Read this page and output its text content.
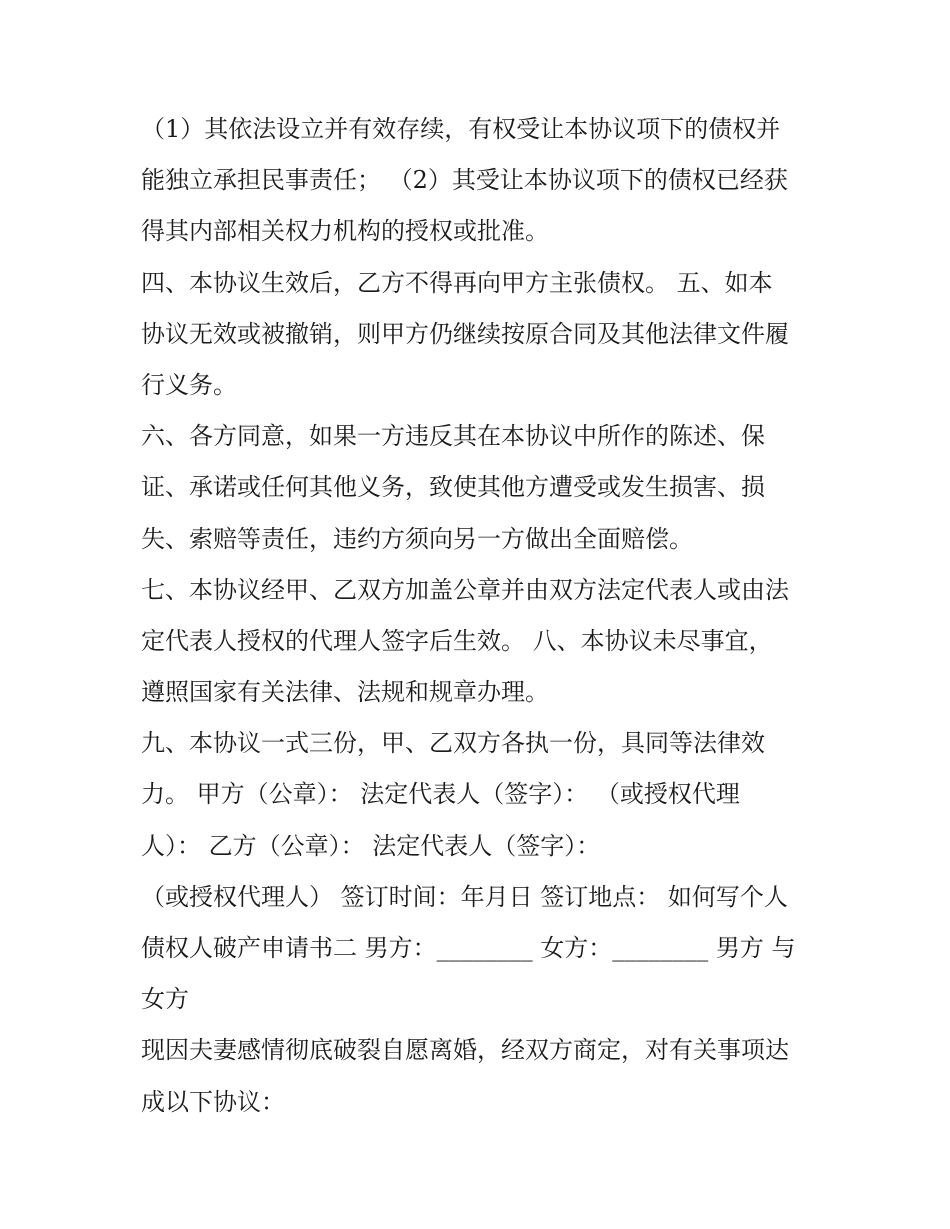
（1）其依法设立并有效存续，有权受让本协议项下的债权并
能独立承担民事责任； （2）其受让本协议项下的债权已经获
得其内部相关权力机构的授权或批准。
四、本协议生效后，乙方不得再向甲方主张债权。 五、如本
协议无效或被撤销，则甲方仍继续按原合同及其他法律文件履
行义务。
六、各方同意，如果一方违反其在本协议中所作的陈述、保
证、承诺或任何其他义务，致使其他方遭受或发生损害、损
失、索赔等责任，违约方须向另一方做出全面赔偿。
七、本协议经甲、乙双方加盖公章并由双方法定代表人或由法
定代表人授权的代理人签字后生效。 八、本协议未尽事宜，
遵照国家有关法律、法规和规章办理。
九、本协议一式三份，甲、乙双方各执一份，具同等法律效
力。 甲方（公章）： 法定代表人（签字）： （或授权代理
人）： 乙方（公章）： 法定代表人（签字）：
（或授权代理人） 签订时间：年月日 签订地点： 如何写个人
债权人破产申请书二 男方：________ 女方：________ 男方 与
女方
现因夫妻感情彻底破裂自愿离婚，经双方商定，对有关事项达
成以下协议：
